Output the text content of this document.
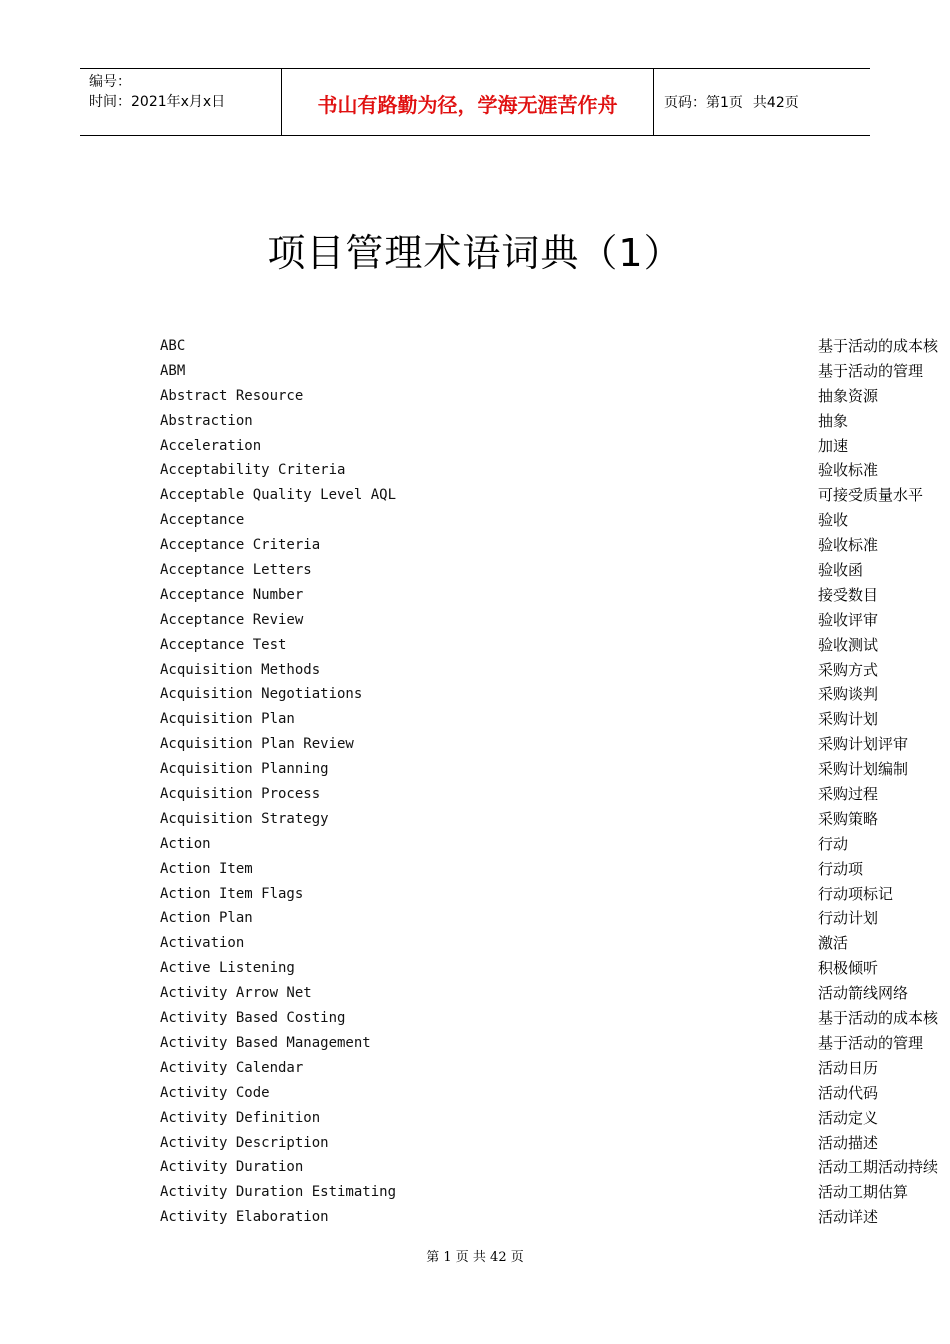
编号：
时间：2021年x月x日	书山有路勤为径，学海无涯苦作舟	页码：第1页 共42页
项目管理术语词典（1）
ABC	基于活动的成本核
ABM	基于活动的管理
Abstract Resource	抽象资源
Abstraction	抽象
Acceleration	加速
Acceptability Criteria	验收标准
Acceptable Quality Level AQL	可接受质量水平
Acceptance	验收
Acceptance Criteria	验收标准
Acceptance Letters	验收函
Acceptance Number	接受数目
Acceptance Review	验收评审
Acceptance Test	验收测试
Acquisition Methods	采购方式
Acquisition Negotiations	采购谈判
Acquisition Plan	采购计划
Acquisition Plan Review	采购计划评审
Acquisition Planning	采购计划编制
Acquisition Process	采购过程
Acquisition Strategy	采购策略
Action	行动
Action Item	行动项
Action Item Flags	行动项标记
Action Plan	行动计划
Activation	激活
Active Listening	积极倾听
Activity Arrow Net	活动箭线网络
Activity Based Costing	基于活动的成本核
Activity Based Management	基于活动的管理
Activity Calendar	活动日历
Activity Code	活动代码
Activity Definition	活动定义
Activity Description	活动描述
Activity Duration	活动工期活动持续
Activity Duration Estimating	活动工期估算
Activity Elaboration	活动详述
第 1 页 共 42 页
